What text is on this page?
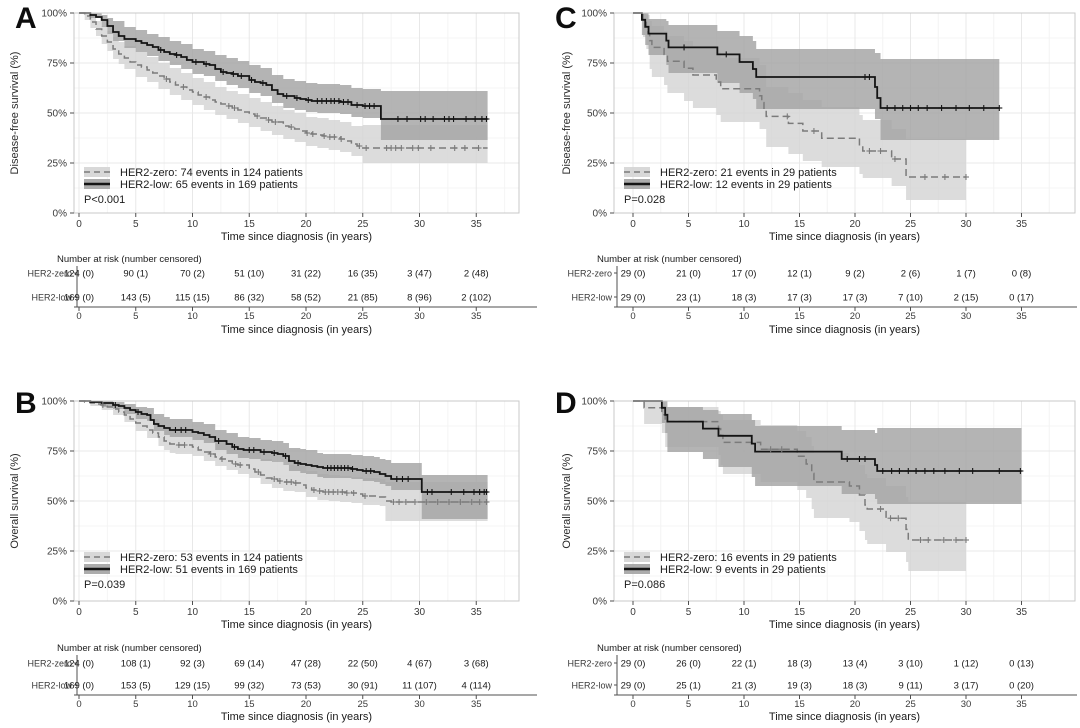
A
Disease-free survival (%)
0	5	10	15	20	25	30	35
Time since diagnosis (in years)
0%
25%
50%
75%
100%
HER2-zero: 74 events in 124 patients
HER2-low: 65 events in 169 patients
P<0.001
Number at risk (number censored)
HER2-zero
124 (0)	90 (1)	70 (2)	51 (10)	31 (22)	16 (35)	3 (47)	2 (48)
HER2-low
169 (0)	143 (5)	115 (15)	86 (32)	58 (52)	21 (85)	8 (96)	2 (102)
0	5	10	15	20	25	30	35
Time since diagnosis (in years)
C
Disease-free survival (%)
0	5	10	15	20	25	30	35
Time since diagnosis (in years)
0%
25%
50%
75%
100%
HER2-zero: 21 events in 29 patients
HER2-low: 12 events in 29 patients
P=0.028
Number at risk (number censored)
HER2-zero 29 (0)	21 (0)	17 (0)	12 (1)	9 (2)	2 (6)	1 (7)	0 (8)
HER2-low 29 (0)	23 (1)	18 (3)	17 (3)	17 (3)	7 (10)	2 (15)	0 (17)
0	5	10	15	20	25	30	35
Time since diagnosis (in years)
B
Overall survival (%)
0	5	10	15	20	25	30	35
Time since diagnosis (in years)
0%
25%
50%
75%
100%
HER2-zero: 53 events in 124 patients
HER2-low: 51 events in 169 patients
P=0.039
Number at risk (number censored)
HER2-zero
124 (0)	108 (1)	92 (3)	69 (14)	47 (28)	22 (50)	4 (67)	3 (68)
HER2-low
169 (0)	153 (5)	129 (15)	99 (32)	73 (53)	30 (91)	11 (107)	4 (114)
0	5	10	15	20	25	30	35
Time since diagnosis (in years)
D
Overall survival (%)
0	5	10	15	20	25	30	35
Time since diagnosis (in years)
0%
25%
50%
75%
100%
HER2-zero: 16 events in 29 patients
HER2-low: 9 events in 29 patients
P=0.086
Number at risk (number censored)
HER2-zero 29 (0)	26 (0)	22 (1)	18 (3)	13 (4)	3 (10)	1 (12)	0 (13)
HER2-low 29 (0)	25 (1)	21 (3)	19 (3)	18 (3)	9 (11)	3 (17)	0 (20)
0	5	10	15	20	25	30	35
Time since diagnosis (in years)
